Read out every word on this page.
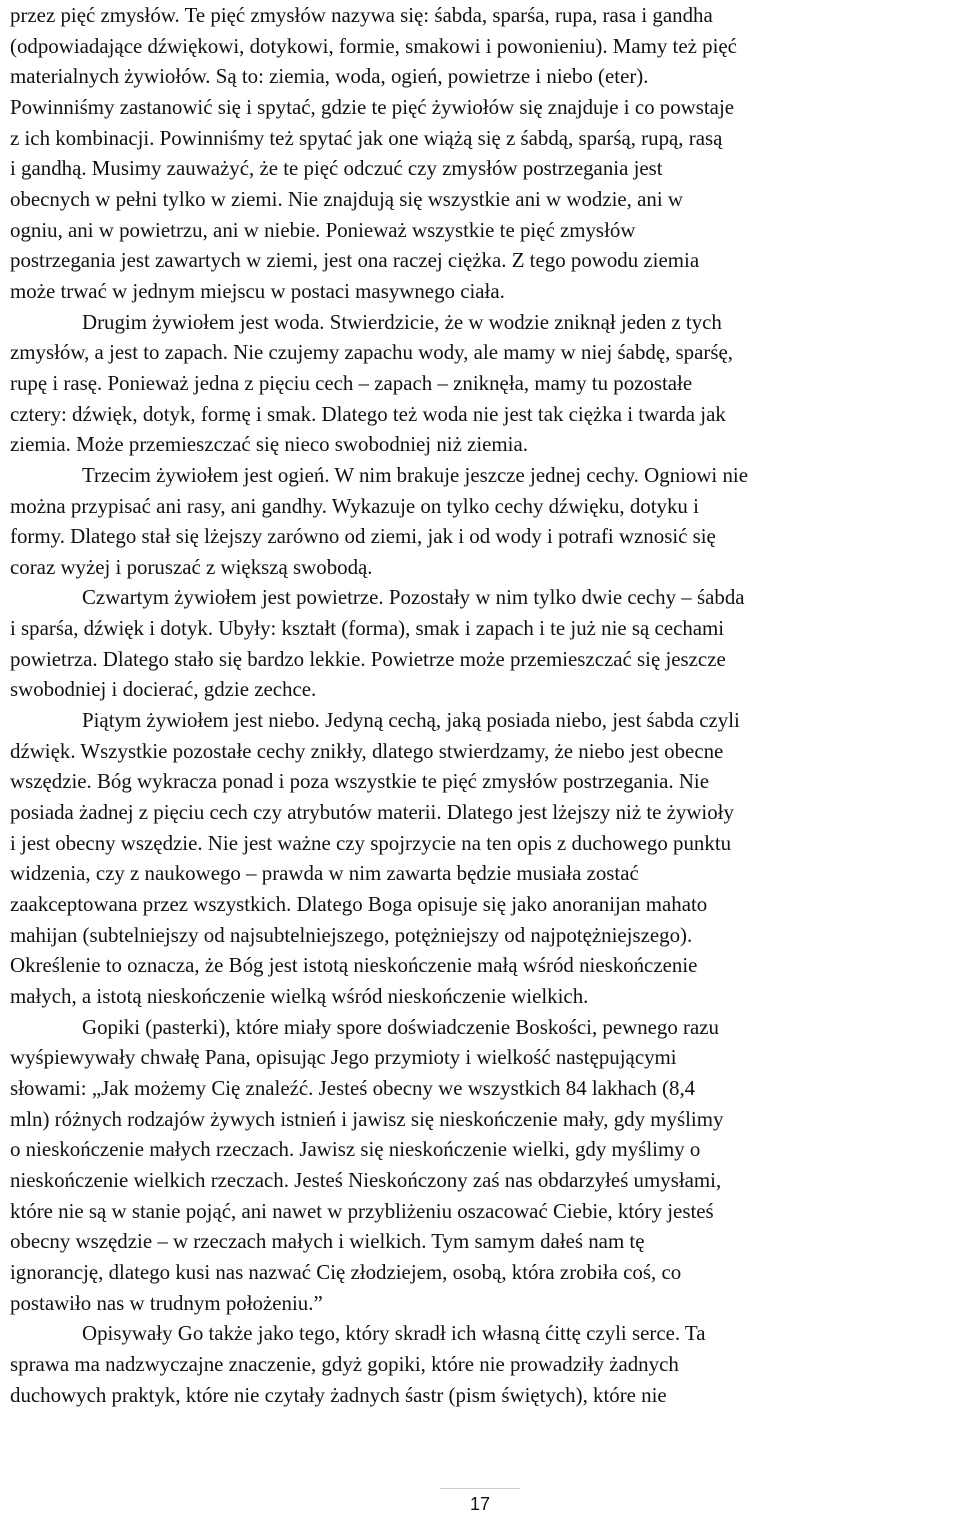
przez pięć zmysłów. Te pięć zmysłów nazywa się: śabda, sparśa, rupa, rasa i gandha
(odpowiadające dźwiękowi, dotykowi, formie, smakowi i powonieniu). Mamy też pięć
materialnych żywiołów. Są to: ziemia, woda, ogień, powietrze i niebo (eter).
Powinniśmy zastanowić się i spytać, gdzie te pięć żywiołów się znajduje i co powstaje
z ich kombinacji. Powinniśmy też spytać jak one wiążą się z śabdą, sparśą, rupą, rasą
i gandhą. Musimy zauważyć, że te pięć odczuć czy zmysłów postrzegania jest
obecnych w pełni tylko w ziemi. Nie znajdują się wszystkie ani w wodzie, ani w
ogniu, ani w powietrzu, ani w niebie. Ponieważ wszystkie te pięć zmysłów
postrzegania jest zawartych w ziemi, jest ona raczej ciężka. Z tego powodu ziemia
może trwać w jednym miejscu w postaci masywnego ciała.
Drugim żywiołem jest woda. Stwierdzicie, że w wodzie zniknął jeden z tych
zmysłów, a jest to zapach. Nie czujemy zapachu wody, ale mamy w niej śabdę, sparśę,
rupę i rasę. Ponieważ jedna z pięciu cech – zapach – zniknęła, mamy tu pozostałe
cztery: dźwięk, dotyk, formę i smak. Dlatego też woda nie jest tak ciężka i twarda jak
ziemia. Może przemieszczać się nieco swobodniej niż ziemia.
Trzecim żywiołem jest ogień. W nim brakuje jeszcze jednej cechy. Ogniowi nie
można przypisać ani rasy, ani gandhy. Wykazuje on tylko cechy dźwięku, dotyku i
formy. Dlatego stał się lżejszy zarówno od ziemi, jak i od wody i potrafi wznosić się
coraz wyżej i poruszać z większą swobodą.
Czwartym żywiołem jest powietrze. Pozostały w nim tylko dwie cechy – śabda
i sparśa, dźwięk i dotyk. Ubyły: kształt (forma), smak i zapach i te już nie są cechami
powietrza. Dlatego stało się bardzo lekkie. Powietrze może przemieszczać się jeszcze
swobodniej i docierać, gdzie zechce.
Piątym żywiołem jest niebo. Jedyną cechą, jaką posiada niebo, jest śabda czyli
dźwięk. Wszystkie pozostałe cechy znikły, dlatego stwierdzamy, że niebo jest obecne
wszędzie. Bóg wykracza ponad i poza wszystkie te pięć zmysłów postrzegania. Nie
posiada żadnej z pięciu cech czy atrybutów materii. Dlatego jest lżejszy niż te żywioły
i jest obecny wszędzie. Nie jest ważne czy spojrzycie na ten opis z duchowego punktu
widzenia, czy z naukowego – prawda w nim zawarta będzie musiała zostać
zaakceptowana przez wszystkich. Dlatego Boga opisuje się jako anoranijan mahato
mahijan (subtelniejszy od najsubtelniejszego, potężniejszy od najpotężniejszego).
Określenie to oznacza, że Bóg jest istotą nieskończenie małą wśród nieskończenie
małych, a istotą nieskończenie wielką wśród nieskończenie wielkich.
Gopiki (pasterki), które miały spore doświadczenie Boskości, pewnego razu
wyśpiewywały chwałę Pana, opisując Jego przymioty i wielkość następującymi
słowami: „Jak możemy Cię znaleźć. Jesteś obecny we wszystkich 84 lakhach (8,4
mln) różnych rodzajów żywych istnień i jawisz się nieskończenie mały, gdy myślimy
o nieskończenie małych rzeczach. Jawisz się nieskończenie wielki, gdy myślimy o
nieskończenie wielkich rzeczach. Jesteś Nieskończony zaś nas obdarzyłeś umysłami,
które nie są w stanie pojąć, ani nawet w przybliżeniu oszacować Ciebie, który jesteś
obecny wszędzie – w rzeczach małych i wielkich. Tym samym dałeś nam tę
ignorancję, dlatego kusi nas nazwać Cię złodziejem, osobą, która zrobiła coś, co
postawiło nas w trudnym położeniu.”
Opisywały Go także jako tego, który skradł ich własną ćittę czyli serce. Ta
sprawa ma nadzwyczajne znaczenie, gdyż gopiki, które nie prowadziły żadnych
duchowych praktyk, które nie czytały żadnych śastr (pism świętych), które nie
17
